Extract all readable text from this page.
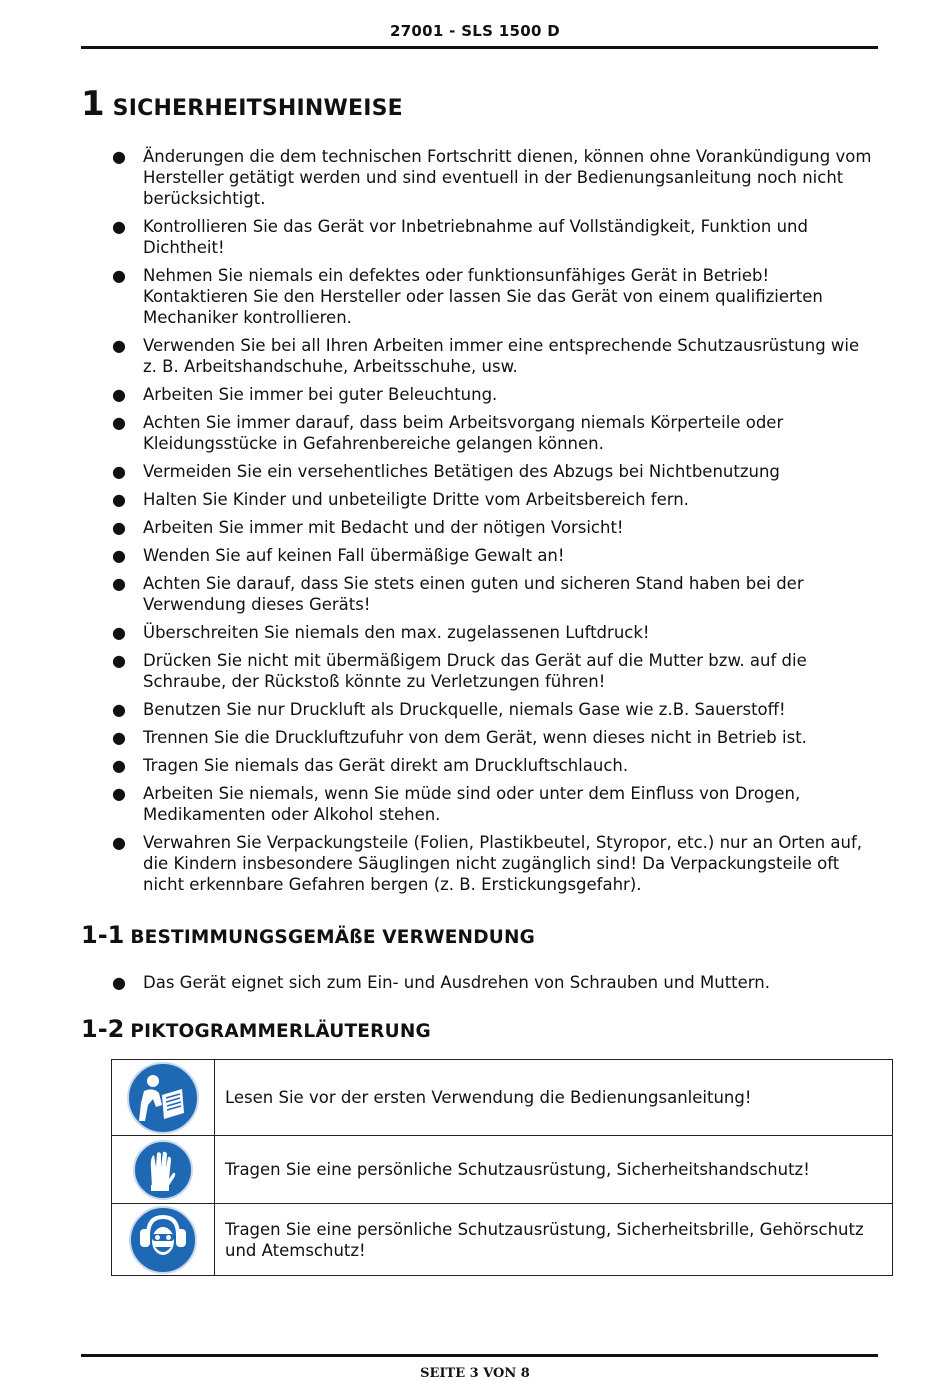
27001 - SLS 1500 D
1 SICHERHEITSHINWEISE
● Änderungen die dem technischen Fortschritt dienen, können ohne Vorankündigung vom Hersteller getätigt werden und sind eventuell in der Bedienungsanleitung noch nicht berücksichtigt.
● Kontrollieren Sie das Gerät vor Inbetriebnahme auf Vollständigkeit, Funktion und Dichtheit!
● Nehmen Sie niemals ein defektes oder funktionsunfähiges Gerät in Betrieb! Kontaktieren Sie den Hersteller oder lassen Sie das Gerät von einem qualifizierten Mechaniker kontrollieren.
● Verwenden Sie bei all Ihren Arbeiten immer eine entsprechende Schutzausrüstung wie z. B. Arbeitshandschuhe, Arbeitsschuhe, usw.
● Arbeiten Sie immer bei guter Beleuchtung.
● Achten Sie immer darauf, dass beim Arbeitsvorgang niemals Körperteile oder Kleidungsstücke in Gefahrenbereiche gelangen können.
● Vermeiden Sie ein versehentliches Betätigen des Abzugs bei Nichtbenutzung
● Halten Sie Kinder und unbeteiligte Dritte vom Arbeitsbereich fern.
● Arbeiten Sie immer mit Bedacht und der nötigen Vorsicht!
● Wenden Sie auf keinen Fall übermäßige Gewalt an!
● Achten Sie darauf, dass Sie stets einen guten und sicheren Stand haben bei der Verwendung dieses Geräts!
● Überschreiten Sie niemals den max. zugelassenen Luftdruck!
● Drücken Sie nicht mit übermäßigem Druck das Gerät auf die Mutter bzw. auf die Schraube, der Rückstoß könnte zu Verletzungen führen!
● Benutzen Sie nur Druckluft als Druckquelle, niemals Gase wie z.B. Sauerstoff!
● Trennen Sie die Druckluftzufuhr von dem Gerät, wenn dieses nicht in Betrieb ist.
● Tragen Sie niemals das Gerät direkt am Druckluftschlauch.
● Arbeiten Sie niemals, wenn Sie müde sind oder unter dem Einfluss von Drogen, Medikamenten oder Alkohol stehen.
● Verwahren Sie Verpackungsteile (Folien, Plastikbeutel, Styropor, etc.) nur an Orten auf, die Kindern insbesondere Säuglingen nicht zugänglich sind! Da Verpackungsteile oft nicht erkennbare Gefahren bergen (z. B. Erstickungsgefahr).
1-1 BESTIMMUNGSGEMÄßE VERWENDUNG
● Das Gerät eignet sich zum Ein- und Ausdrehen von Schrauben und Muttern.
1-2 PIKTOGRAMMERLÄUTERUNG
	Lesen Sie vor der ersten Verwendung die Bedienungsanleitung!

	Tragen Sie eine persönliche Schutzausrüstung, Sicherheitshandschutz!

	Tragen Sie eine persönliche Schutzausrüstung, Sicherheitsbrille, Gehörschutz und Atemschutz!
SEITE 3 VON 8
